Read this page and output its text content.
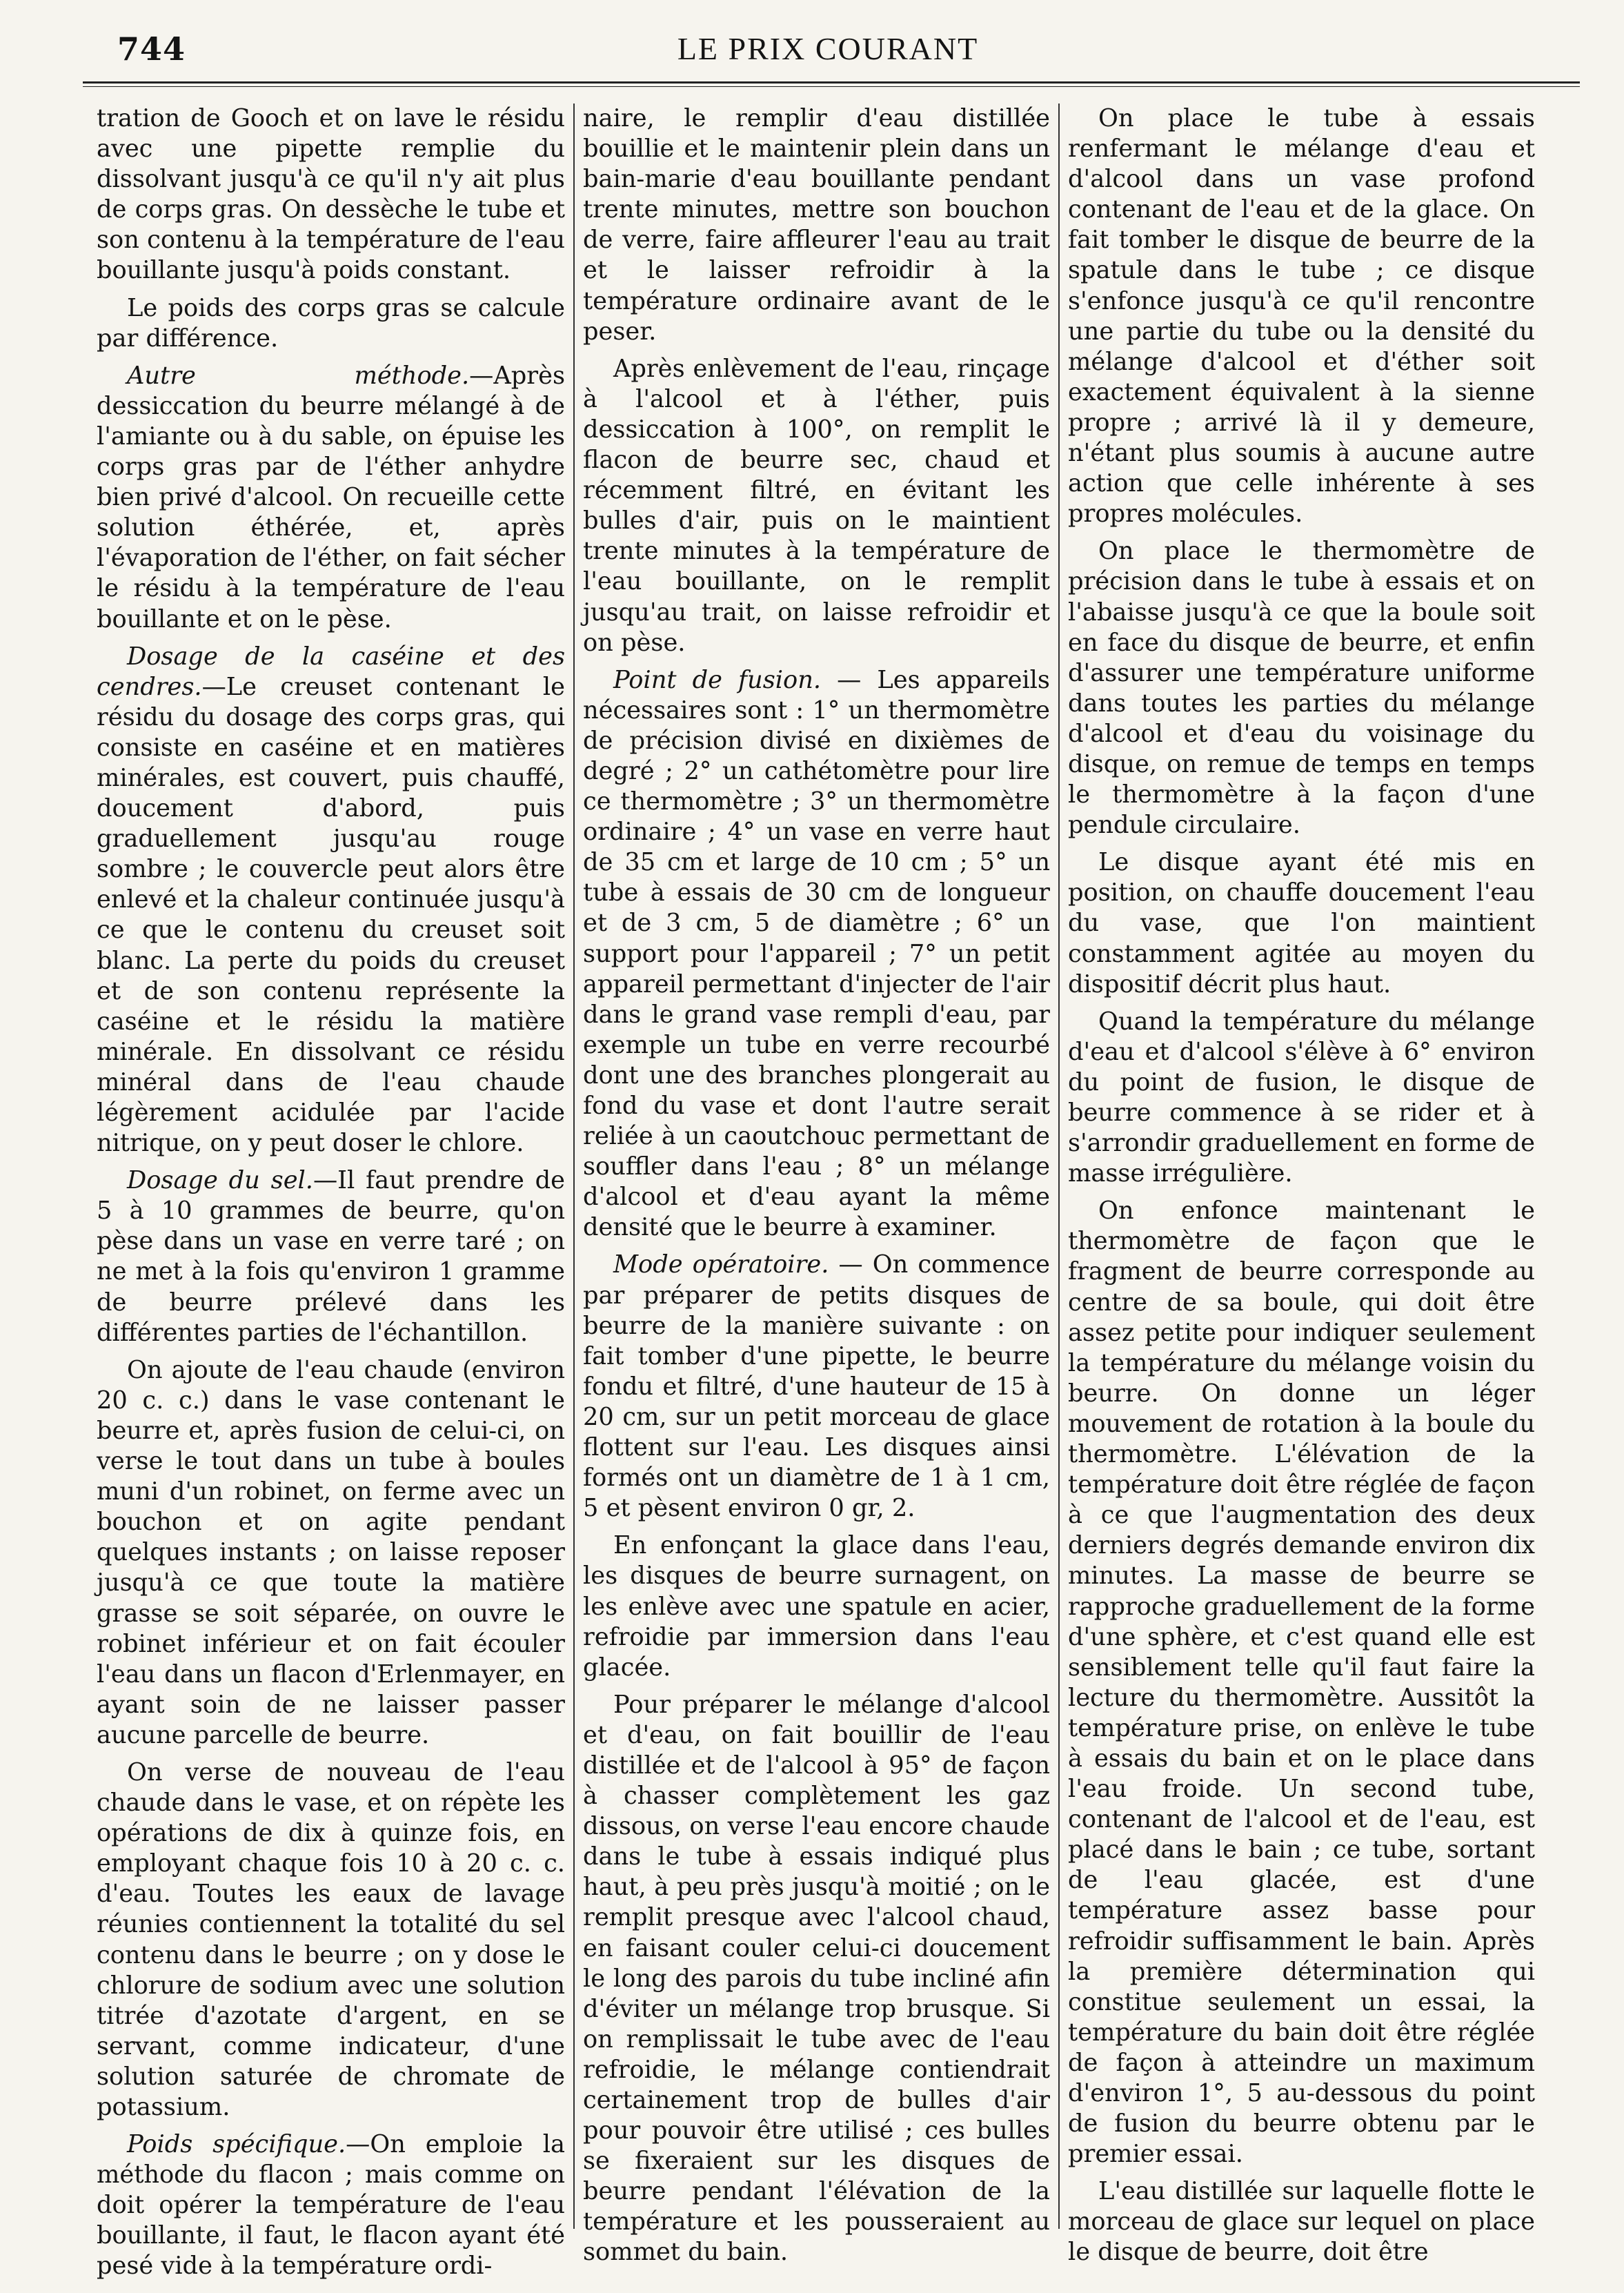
744	LE PRIX COURANT

tration de Gooch et on lave le résidu avec une pipette remplie du dissolvant jusqu'à ce qu'il n'y ait plus de corps gras. On dessèche le tube et son contenu à la température de l'eau bouillante jusqu'à poids constant.

Le poids des corps gras se calcule par différence.

Autre méthode.—Après dessiccation du beurre mélangé à de l'amiante ou à du sable, on épuise les corps gras par de l'éther anhydre bien privé d'alcool. On recueille cette solution éthérée, et, après l'évaporation de l'éther, on fait sécher le résidu à la température de l'eau bouillante et on le pèse.

Dosage de la caséine et des cendres.—Le creuset contenant le résidu du dosage des corps gras, qui consiste en caséine et en matières minérales, est couvert, puis chauffé, doucement d'abord, puis graduellement jusqu'au rouge sombre ; le couvercle peut alors être enlevé et la chaleur continuée jusqu'à ce que le contenu du creuset soit blanc. La perte du poids du creuset et de son contenu représente la caséine et le résidu la matière minérale. En dissolvant ce résidu minéral dans de l'eau chaude légèrement acidulée par l'acide nitrique, on y peut doser le chlore.

Dosage du sel.—Il faut prendre de 5 à 10 grammes de beurre, qu'on pèse dans un vase en verre taré ; on ne met à la fois qu'environ 1 gramme de beurre prélevé dans les différentes parties de l'échantillon.

On ajoute de l'eau chaude (environ 20 c. c.) dans le vase contenant le beurre et, après fusion de celui-ci, on verse le tout dans un tube à boules muni d'un robinet, on ferme avec un bouchon et on agite pendant quelques instants ; on laisse reposer jusqu'à ce que toute la matière grasse se soit séparée, on ouvre le robinet inférieur et on fait écouler l'eau dans un flacon d'Erlenmayer, en ayant soin de ne laisser passer aucune parcelle de beurre.

On verse de nouveau de l'eau chaude dans le vase, et on répète les opérations de dix à quinze fois, en employant chaque fois 10 à 20 c. c. d'eau. Toutes les eaux de lavage réunies contiennent la totalité du sel contenu dans le beurre ; on y dose le chlorure de sodium avec une solution titrée d'azotate d'argent, en se servant, comme indicateur, d'une solution saturée de chromate de potassium.

Poids spécifique.—On emploie la méthode du flacon ; mais comme on doit opérer la température de l'eau bouillante, il faut, le flacon ayant été pesé vide à la température ordi-

naire, le remplir d'eau distillée bouillie et le maintenir plein dans un bain-marie d'eau bouillante pendant trente minutes, mettre son bouchon de verre, faire affleurer l'eau au trait et le laisser refroidir à la température ordinaire avant de le peser.

Après enlèvement de l'eau, rinçage à l'alcool et à l'éther, puis dessiccation à 100°, on remplit le flacon de beurre sec, chaud et récemment filtré, en évitant les bulles d'air, puis on le maintient trente minutes à la température de l'eau bouillante, on le remplit jusqu'au trait, on laisse refroidir et on pèse.

Point de fusion. — Les appareils nécessaires sont : 1° un thermomètre de précision divisé en dixièmes de degré ; 2° un cathétomètre pour lire ce thermomètre ; 3° un thermomètre ordinaire ; 4° un vase en verre haut de 35 cm et large de 10 cm ; 5° un tube à essais de 30 cm de longueur et de 3 cm, 5 de diamètre ; 6° un support pour l'appareil ; 7° un petit appareil permettant d'injecter de l'air dans le grand vase rempli d'eau, par exemple un tube en verre recourbé dont une des branches plongerait au fond du vase et dont l'autre serait reliée à un caoutchouc permettant de souffler dans l'eau ; 8° un mélange d'alcool et d'eau ayant la même densité que le beurre à examiner.

Mode opératoire. — On commence par préparer de petits disques de beurre de la manière suivante : on fait tomber d'une pipette, le beurre fondu et filtré, d'une hauteur de 15 à 20 cm, sur un petit morceau de glace flottent sur l'eau. Les disques ainsi formés ont un diamètre de 1 à 1 cm, 5 et pèsent environ 0 gr, 2.

En enfonçant la glace dans l'eau, les disques de beurre surnagent, on les enlève avec une spatule en acier, refroidie par immersion dans l'eau glacée.

Pour préparer le mélange d'alcool et d'eau, on fait bouillir de l'eau distillée et de l'alcool à 95° de façon à chasser complètement les gaz dissous, on verse l'eau encore chaude dans le tube à essais indiqué plus haut, à peu près jusqu'à moitié ; on le remplit presque avec l'alcool chaud, en faisant couler celui-ci doucement le long des parois du tube incliné afin d'éviter un mélange trop brusque. Si on remplissait le tube avec de l'eau refroidie, le mélange contiendrait certainement trop de bulles d'air pour pouvoir être utilisé ; ces bulles se fixeraient sur les disques de beurre pendant l'élévation de la température et les pousseraient au sommet du bain.

On place le tube à essais renfermant le mélange d'eau et d'alcool dans un vase profond contenant de l'eau et de la glace. On fait tomber le disque de beurre de la spatule dans le tube ; ce disque s'enfonce jusqu'à ce qu'il rencontre une partie du tube ou la densité du mélange d'alcool et d'éther soit exactement équivalent à la sienne propre ; arrivé là il y demeure, n'étant plus soumis à aucune autre action que celle inhérente à ses propres molécules.

On place le thermomètre de précision dans le tube à essais et on l'abaisse jusqu'à ce que la boule soit en face du disque de beurre, et enfin d'assurer une température uniforme dans toutes les parties du mélange d'alcool et d'eau du voisinage du disque, on remue de temps en temps le thermomètre à la façon d'une pendule circulaire.

Le disque ayant été mis en position, on chauffe doucement l'eau du vase, que l'on maintient constamment agitée au moyen du dispositif décrit plus haut.

Quand la température du mélange d'eau et d'alcool s'élève à 6° environ du point de fusion, le disque de beurre commence à se rider et à s'arrondir graduellement en forme de masse irrégulière.

On enfonce maintenant le thermomètre de façon que le fragment de beurre corresponde au centre de sa boule, qui doit être assez petite pour indiquer seulement la température du mélange voisin du beurre. On donne un léger mouvement de rotation à la boule du thermomètre. L'élévation de la température doit être réglée de façon à ce que l'augmentation des deux derniers degrés demande environ dix minutes. La masse de beurre se rapproche graduellement de la forme d'une sphère, et c'est quand elle est sensiblement telle qu'il faut faire la lecture du thermomètre. Aussitôt la température prise, on enlève le tube à essais du bain et on le place dans l'eau froide. Un second tube, contenant de l'alcool et de l'eau, est placé dans le bain ; ce tube, sortant de l'eau glacée, est d'une température assez basse pour refroidir suffisamment le bain. Après la première détermination qui constitue seulement un essai, la température du bain doit être réglée de façon à atteindre un maximum d'environ 1°, 5 au-dessous du point de fusion du beurre obtenu par le premier essai.

L'eau distillée sur laquelle flotte le morceau de glace sur lequel on place le disque de beurre, doit être
